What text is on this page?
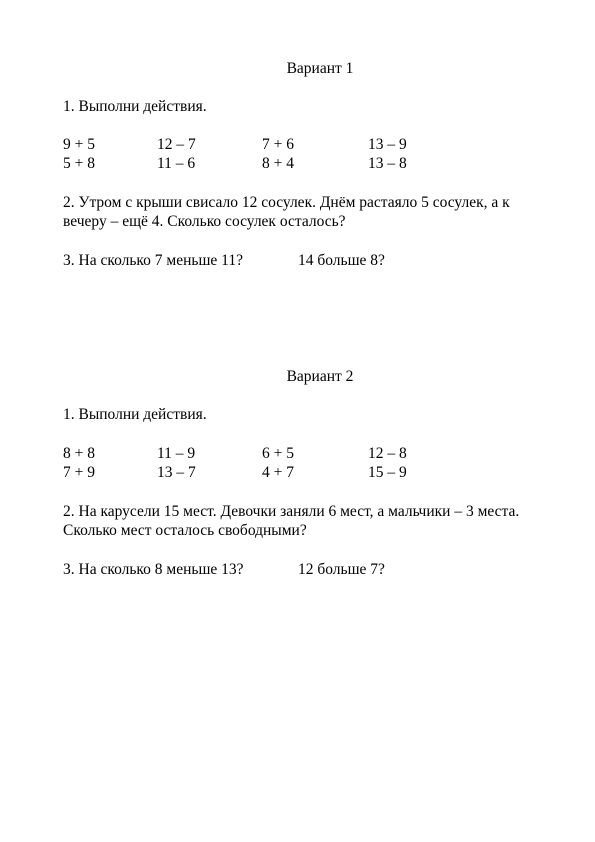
Вариант 1
1. Выполни действия.
9 + 5	12 – 7	7 + 6	13 – 9
5 + 8	11 – 6	8 + 4	13 – 8
2. Утром с крыши свисало 12 сосулек. Днём растаяло 5 сосулек, а к
вечеру – ещё 4. Сколько сосулек осталось?
3. На сколько 7 меньше 11?	14 больше 8?
Вариант 2
1. Выполни действия.
8 + 8	11 – 9	6 + 5	12 – 8
7 + 9	13 – 7	4 + 7	15 – 9
2. На карусели 15 мест. Девочки заняли 6 мест, а мальчики – 3 места.
Сколько мест осталось свободными?
3. На сколько 8 меньше 13?	12 больше 7?
